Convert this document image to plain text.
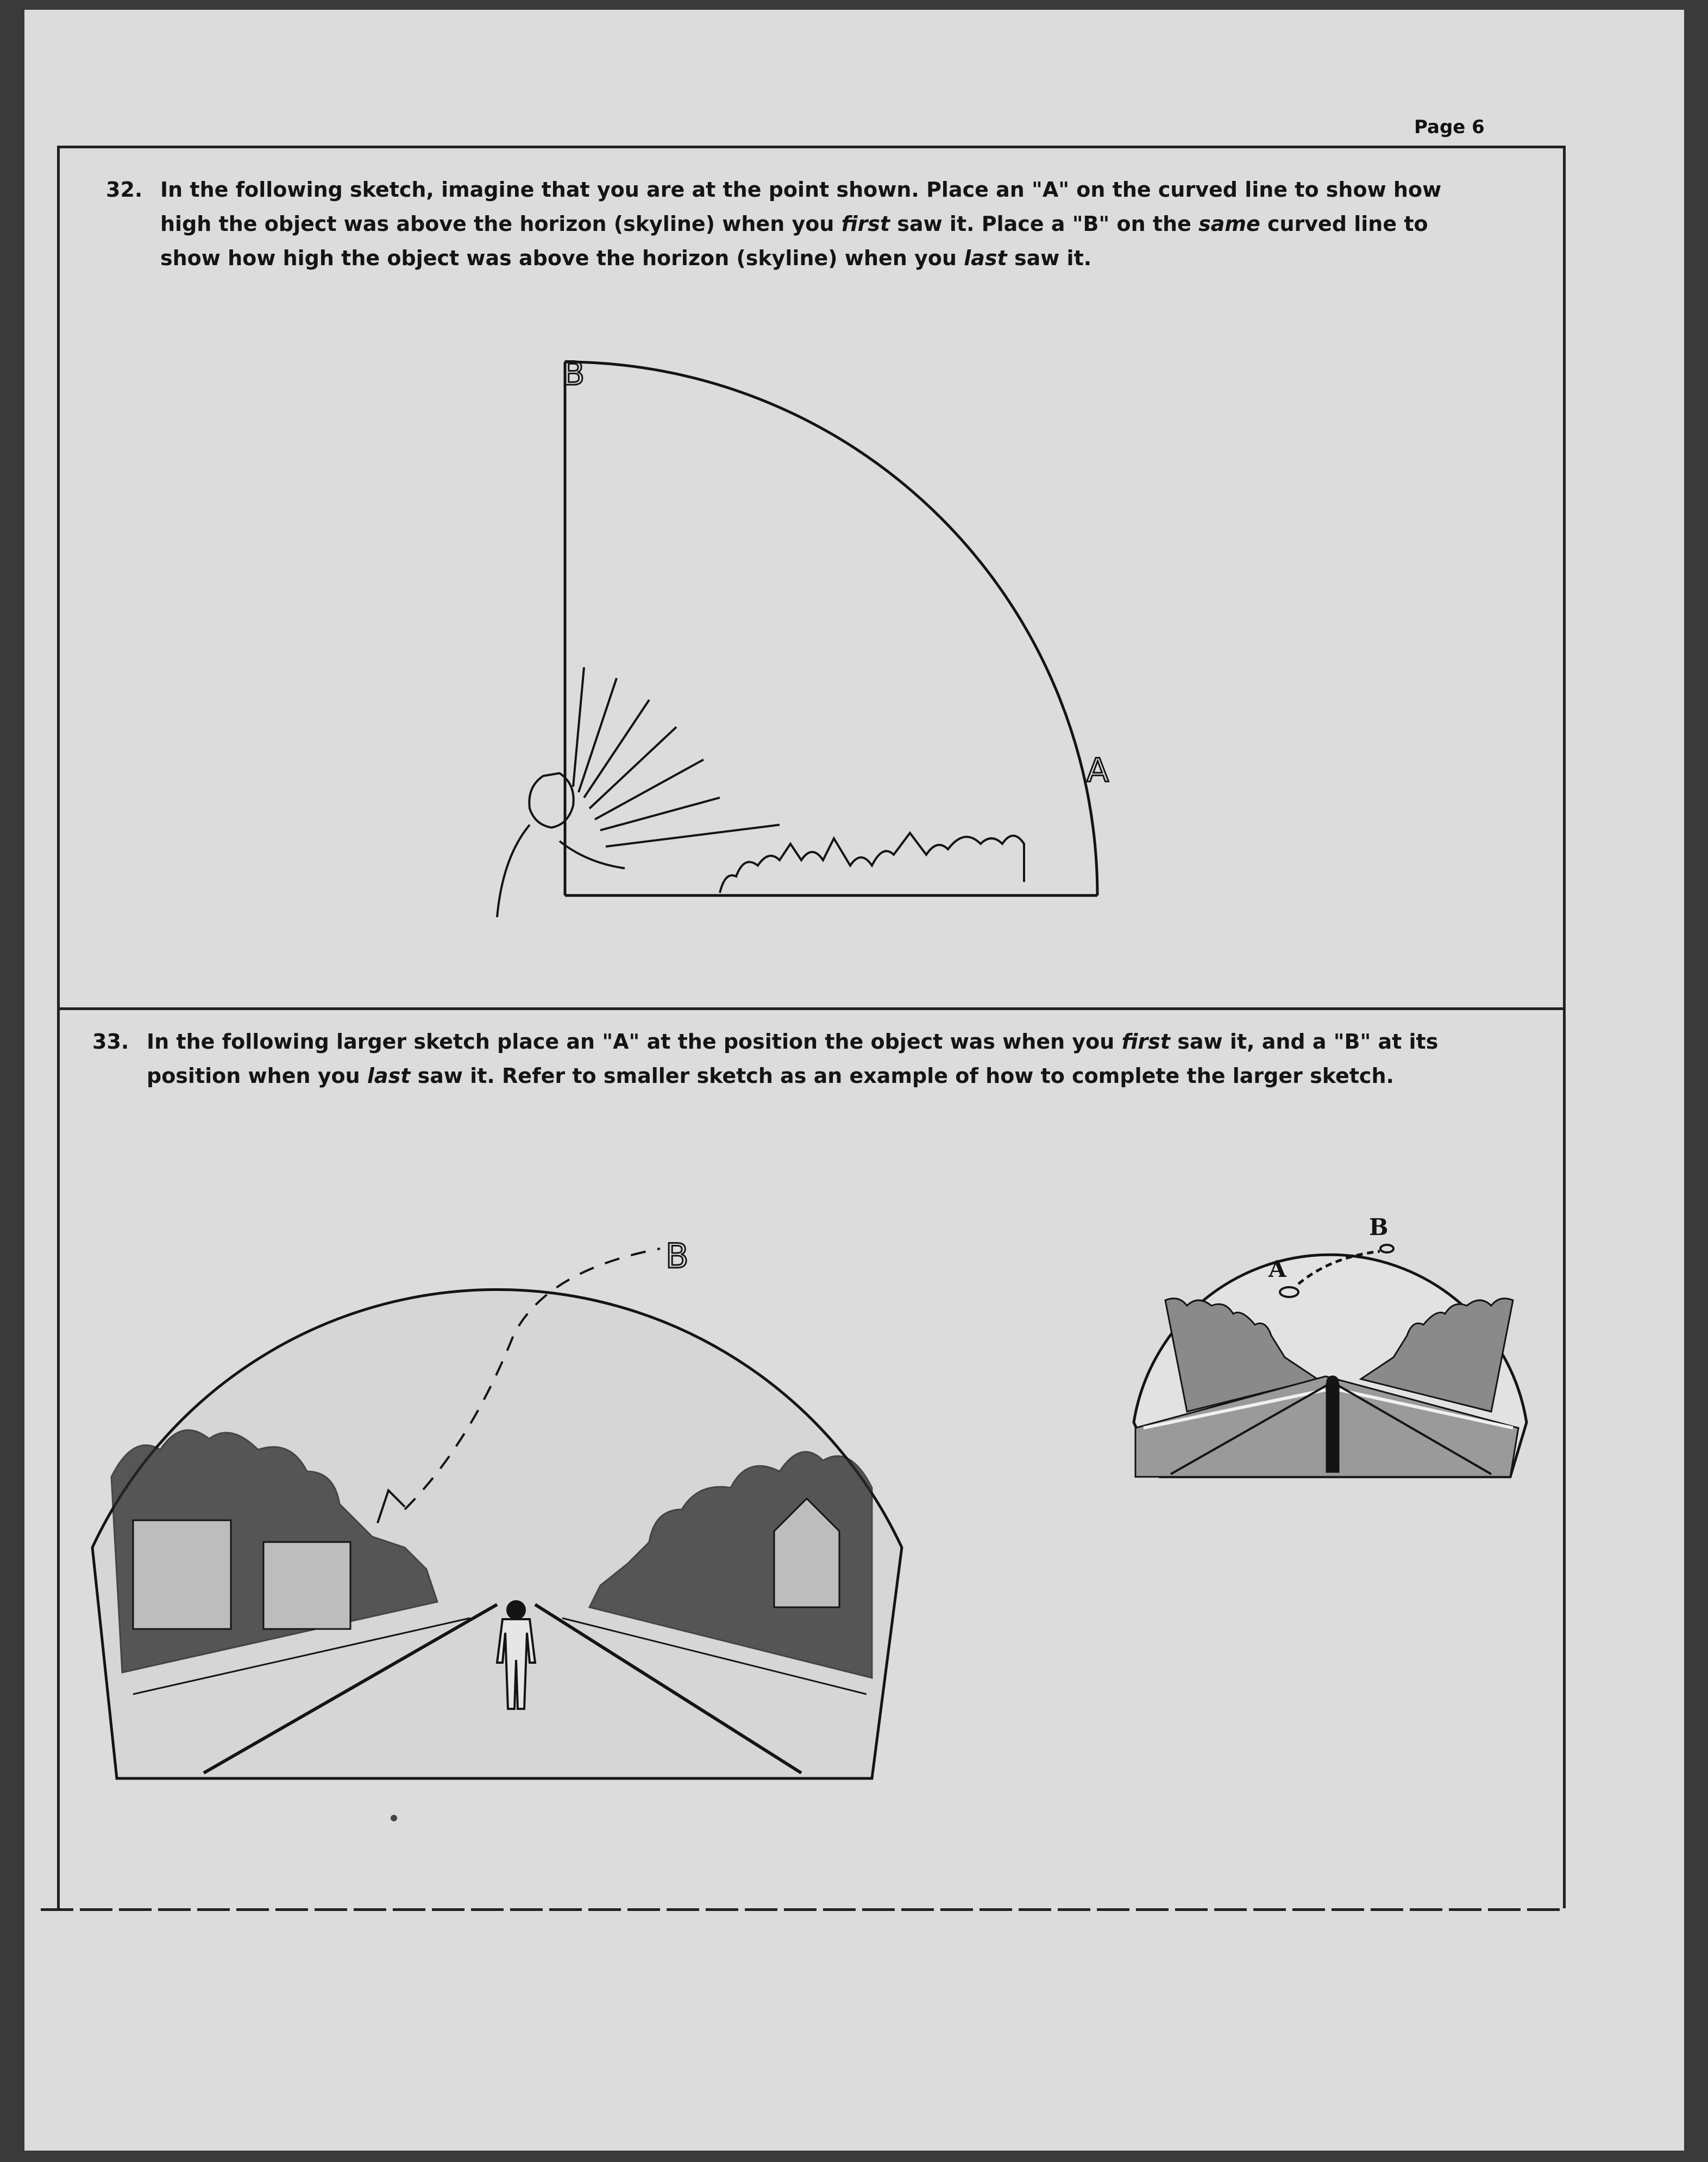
Page 6
32. In the following sketch, imagine that you are at the point shown. Place an "A" on the curved line to show how
high the object was above the horizon (skyline) when you first saw it. Place a "B" on the same curved line to
show how high the object was above the horizon (skyline) when you last saw it.
33. In the following larger sketch place an "A" at the position the object was when you first saw it, and a "B" at its
position when you last saw it. Refer to smaller sketch as an example of how to complete the larger sketch.
B
A
B	A
B
